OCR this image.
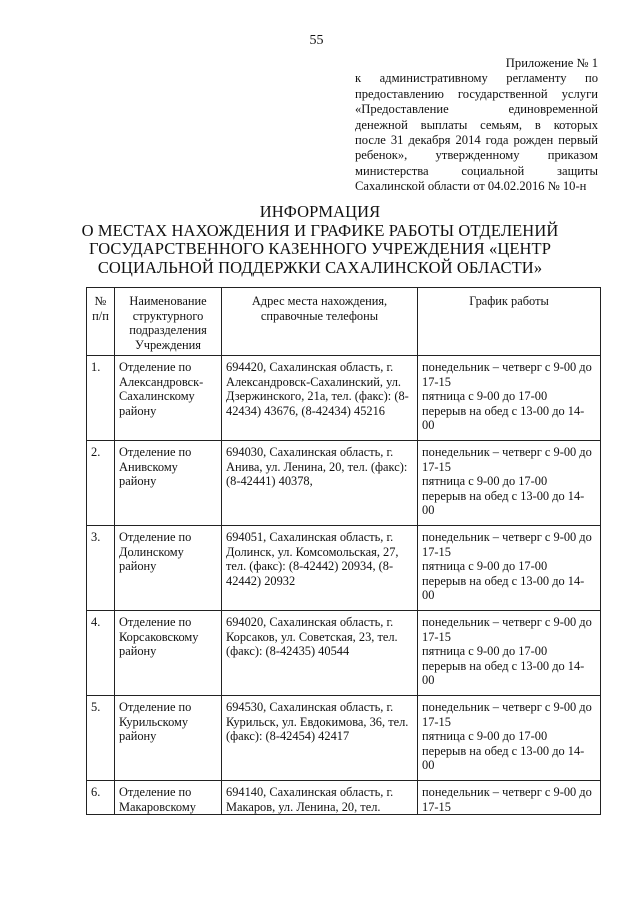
55
Приложение № 1
к административному регламенту по
предоставлению государственной услуги
«Предоставление единовременной
денежной выплаты семьям, в которых
после 31 декабря 2014 года рожден первый
ребенок», утвержденному приказом
министерства социальной защиты
Сахалинской области от 04.02.2016 № 10-н
ИНФОРМАЦИЯ
О МЕСТАХ НАХОЖДЕНИЯ И ГРАФИКЕ РАБОТЫ ОТДЕЛЕНИЙ
ГОСУДАРСТВЕННОГО КАЗЕННОГО УЧРЕЖДЕНИЯ «ЦЕНТР
СОЦИАЛЬНОЙ ПОДДЕРЖКИ САХАЛИНСКОЙ ОБЛАСТИ»
№ п/п	Наименование структурного подразделения Учреждения	Адрес места нахождения, справочные телефоны	График работы
1.	Отделение по Александровск-Сахалинскому району	694420, Сахалинская область, г. Александровск-Сахалинский, ул. Дзержинского, 21а, тел. (факс): (8-42434) 43676, (8-42434) 45216	понедельник – четверг с 9-00 до 17-15
пятница с 9-00 до 17-00
перерыв на обед с 13-00 до 14-00

2.	Отделение по Анивскому району	694030, Сахалинская область, г. Анива, ул. Ленина, 20, тел. (факс): (8-42441) 40378,	понедельник – четверг с 9-00 до 17-15
пятница с 9-00 до 17-00
перерыв на обед с 13-00 до 14-00

3.	Отделение по Долинскому району	694051, Сахалинская область, г. Долинск, ул. Комсомольская, 27, тел. (факс): (8-42442) 20934, (8-42442) 20932	понедельник – четверг с 9-00 до 17-15
пятница с 9-00 до 17-00
перерыв на обед с 13-00 до 14-00

4.	Отделение по Корсаковскому району	694020, Сахалинская область, г. Корсаков, ул. Советская, 23, тел. (факс): (8-42435) 40544	понедельник – четверг с 9-00 до 17-15
пятница с 9-00 до 17-00
перерыв на обед с 13-00 до 14-00

5.	Отделение по Курильскому району	694530, Сахалинская область, г. Курильск, ул. Евдокимова, 36, тел. (факс): (8-42454) 42417	понедельник – четверг с 9-00 до 17-15
пятница с 9-00 до 17-00
перерыв на обед с 13-00 до 14-00

6.	Отделение по Макаровскому	694140, Сахалинская область, г. Макаров, ул. Ленина, 20, тел.	понедельник – четверг с 9-00 до 17-15
